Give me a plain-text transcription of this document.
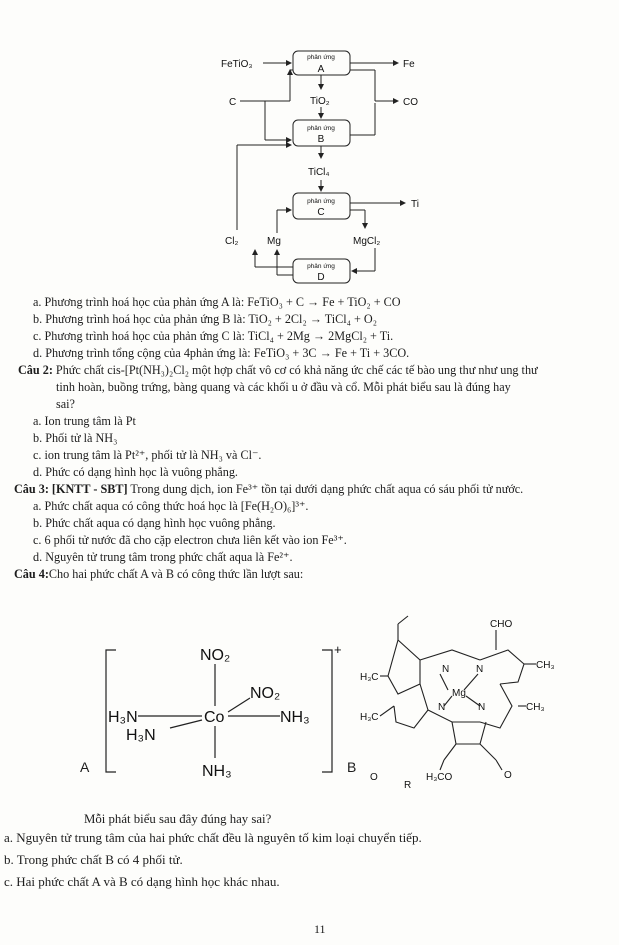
FeTiO₃	Fe
C	TiO₂	CO
TiCl₄
Ti
Cl₂	Mg	MgCl₂
phản ứng
phản ứng
phản ứng
phản ứng
A
B
C
D
a. Phương trình hoá học của phản ứng A là: FeTiO₃ + C → Fe + TiO₂ + CO
b. Phương trình hoá học của phản ứng B là: TiO₂ + 2Cl₂ → TiCl₄ + O₂
c. Phương trình hoá học của phản ứng C là: TiCl₄ + 2Mg → 2MgCl₂ + Ti.
d. Phương trình tổng cộng của 4phản ứng là: FeTiO₃ + 3C → Fe + Ti + 3CO.
Câu 2: Phức chất cis-[Pt(NH₃)₂Cl₂ một hợp chất vô cơ có khả năng ức chế các tế bào ung thư như ung thư
tinh hoàn, buồng trứng, bàng quang và các khối u ở đầu và cổ. Mỗi phát biểu sau là đúng hay
sai?
a. Ion trung tâm là Pt
b. Phối tử là NH₃
c. ion trung tâm là Pt²⁺, phối tử là NH₃ và Cl⁻.
d. Phức có dạng hình học là vuông phẳng.
Câu 3: [KNTT - SBT] Trong dung dịch, ion Fe³⁺ tồn tại dưới dạng phức chất aqua có sáu phối tử nước.
a. Phức chất aqua có công thức hoá học là [Fe(H₂O)₆]³⁺.
b. Phức chất aqua có dạng hình học vuông phẳng.
c. 6 phối tử nước đã cho cặp electron chưa liên kết vào ion Fe³⁺.
d. Nguyên tử trung tâm trong phức chất aqua là Fe²⁺.
Câu 4:Cho hai phức chất A và B có công thức lần lượt sau:
NO₂
NO₂
H₃N	Co	NH₃
H₃N
NH₃
+
A
CHO
H₃C
CH₃
N	N
Mg
N	N
H₃C
CH₃
O	H₃CO	O
R
B
Mỗi phát biểu sau đây đúng hay sai?
a. Nguyên tử trung tâm của hai phức chất đều là nguyên tố kim loại chuyển tiếp.
b. Trong phức chất B có 4 phối tử.
c. Hai phức chất A và B có dạng hình học khác nhau.
11
